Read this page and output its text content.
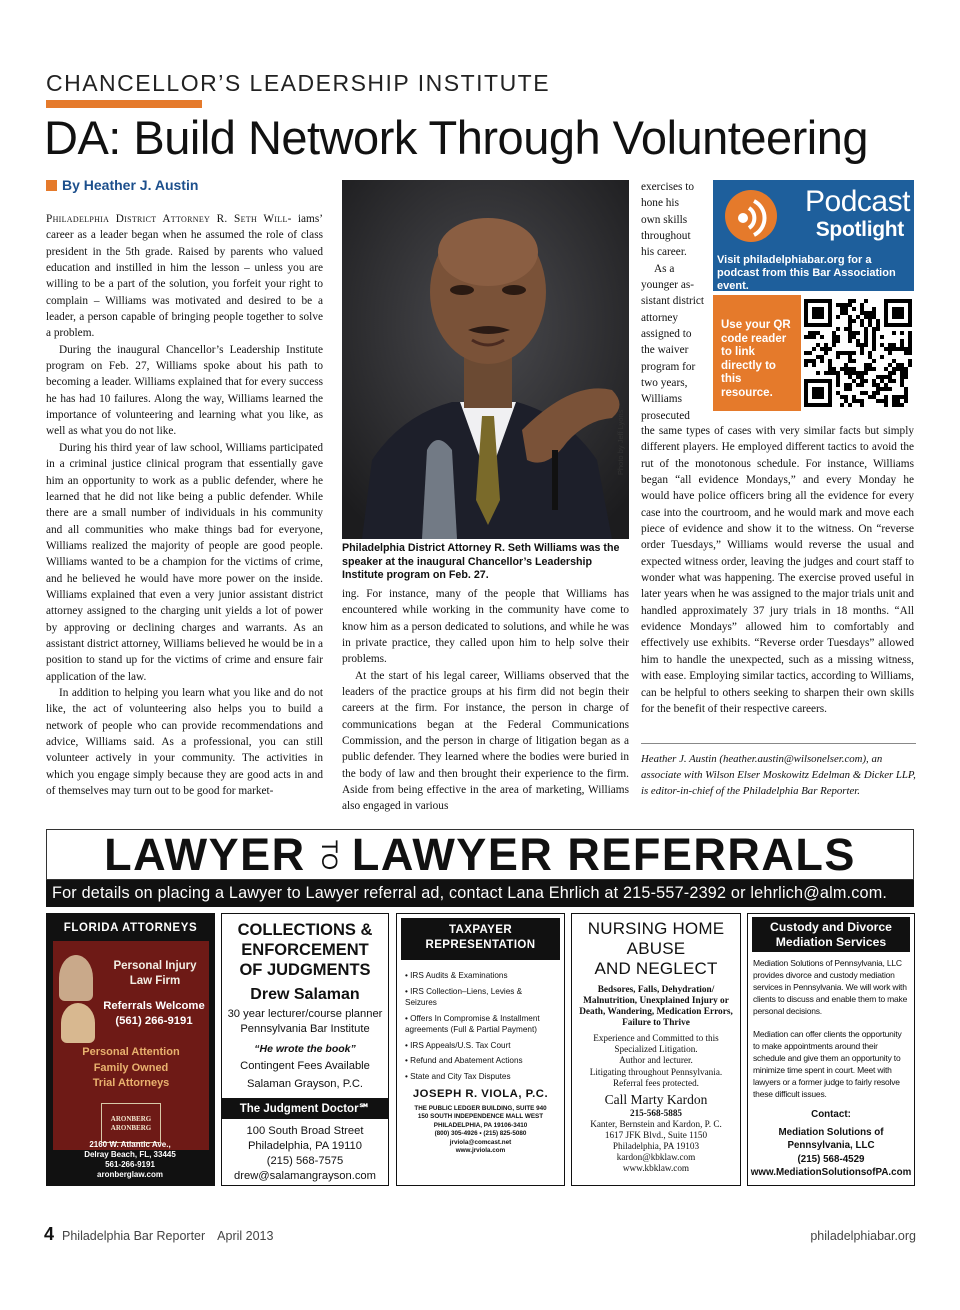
CHANCELLOR’S LEADERSHIP INSTITUTE
DA: Build Network Through Volunteering
By Heather J. Austin

Philadelphia District Attorney R. Seth Will- iams’ career as a leader began when he assumed the role of class president in the 5th grade. Raised by parents who valued education and instilled in him the lesson – unless you are willing to be a part of the solution, you forfeit your right to complain – Williams was motivated and desired to be a leader, a person capable of bringing people together to solve a problem.

During the inaugural Chancellor’s Leadership Institute program on Feb. 27, Williams spoke about his path to becoming a leader. Williams explained that for every success he has had 10 failures. Along the way, Williams learned the importance of volunteering and learning what you like, as well as what you do not like.

During his third year of law school, Williams participated in a criminal justice clinical program that essentially gave him an opportunity to work as a public defender, where he learned that he did not like being a public defender. While there are a small number of individuals in his community and all communities who make things bad for everyone, Williams realized the majority of people are good people. Williams wanted to be a champion for the victims of crime, and he believed he would have more power on the inside. Williams explained that even a very junior assistant district attorney assigned to the charging unit yields a lot of power by approving or declining charges and warrants. As an assistant district attorney, Williams believed he would be in a position to stand up for the victims of crime and ensure fair application of the law.

In addition to helping you learn what you like and do not like, the act of volunteering also helps you to build a network of people who can provide recommendations and advice, Williams said. As a professional, you can still volunteer actively in your community. The activities in which you engage simply because they are good acts in and of themselves may turn out to be good for market-

Photo by Jeff Lyons
Philadelphia District Attorney R. Seth Williams was the speaker at the inaugural Chancellor’s Leadership Institute program on Feb. 27.

ing. For instance, many of the people that Williams has encountered while working in the community have come to know him as a person dedicated to solutions, and while he was in private practice, they called upon him to help solve their problems.

At the start of his legal career, Williams observed that the leaders of the practice groups at his firm did not begin their careers at the firm. For instance, the person in charge of communications began at the Federal Communications Commission, and the person in charge of litigation began as a public defender. They learned where the bodies were buried in the body of law and then brought their experience to the firm. Aside from being effective in the area of marketing, Williams also engaged in various

exercises to
hone his
own skills
throughout
his career.
As a
younger as-
sistant district
attorney
assigned to
the waiver
program for
two years,
Williams
prosecuted

the same types of cases with very similar facts but simply different players. He employed different tactics to avoid the rut of the monotonous schedule. For instance, Williams began “all evidence Mondays,” and every Monday he would have police officers bring all the evidence for every case into the courtroom, and he would mark and move each piece of evidence and show it to the witness. On “reverse order Tuesdays,” Williams would reverse the usual and expected witness order, leaving the judges and court staff to wonder what was happening. The exercise proved useful in later years when he was assigned to the major trials unit and handled approximately 37 jury trials in 18 months. “All evidence Mondays” allowed him to comfortably and effectively use exhibits. “Reverse order Tuesdays” allowed him to handle the unexpected, such as a missing witness, with ease. Employing similar tactics, according to Williams, can be helpful to others seeking to sharpen their own skills for the benefit of their respective careers.

Heather J. Austin (heather.austin@wilsonelser.com), an associate with Wilson Elser Moskowitz Edelman & Dicker LLP, is editor-in-chief of the Philadelphia Bar Reporter.
Podcast
Spotlight
Visit philadelphiabar.org for a podcast from this Bar Association event.
Use your QR code reader to link directly to this resource.
LAWYER TO LAWYER REFERRALS
For details on placing a Lawyer to Lawyer referral ad, contact Lana Ehrlich at 215-557-2392 or lehrlich@alm.com.
FLORIDA ATTORNEYS
Personal Injury
Law Firm
Referrals Welcome
(561) 266-9191
Personal Attention
Family Owned
Trial Attorneys
ARONBERG
ARONBERG
2160 W. Atlantic Ave.,
Delray Beach, FL, 33445
561-266-9191
aronberglaw.com
COLLECTIONS &
ENFORCEMENT
OF JUDGMENTS
Drew Salaman
30 year lecturer/course planner
Pennsylvania Bar Institute
“He wrote the book”
Contingent Fees Available
Salaman Grayson, P.C.
The Judgment Doctor℠
100 South Broad Street
Philadelphia, PA 19110
(215) 568-7575
drew@salamangrayson.com
TAXPAYER
REPRESENTATION
• IRS Audits & Examinations
• IRS Collection–Liens, Levies & Seizures
• Offers In Compromise & Installment agreements (Full & Partial Payment)
• IRS Appeals/U.S. Tax Court
• Refund and Abatement Actions
• State and City Tax Disputes
JOSEPH R. VIOLA, P.C.
THE PUBLIC LEDGER BUILDING, SUITE 940
150 SOUTH INDEPENDENCE MALL WEST
PHILADELPHIA, PA 19106-3410
(800) 305-4926 • (215) 825-5080
jrviola@comcast.net
www.jrviola.com
NURSING HOME
ABUSE
AND NEGLECT
Bedsores, Falls, Dehydration/ Malnutrition, Unexplained Injury or Death, Wandering, Medication Errors, Failure to Thrive
Experience and Committed to this Specialized Litigation.
Author and lecturer.
Litigating throughout Pennsylvania.
Referral fees protected.
Call Marty Kardon
215-568-5885
Kanter, Bernstein and Kardon, P. C.
1617 JFK Blvd., Suite 1150
Philadelphia, PA 19103
kardon@kbklaw.com
www.kbklaw.com
Custody and Divorce
Mediation Services
Mediation Solutions of Pennsylvania, LLC provides divorce and custody mediation services in Pennsylvania. We will work with clients to discuss and enable them to make personal decisions.
Mediation can offer clients the opportunity to make appointments around their schedule and give them an opportunity to minimize time spent in court. Meet with lawyers or a former judge to fairly resolve these difficult issues.
Contact:
Mediation Solutions of
Pennsylvania, LLC
(215) 568-4529
www.MediationSolutionsofPA.com
4 Philadelphia Bar Reporter April 2013	philadelphiabar.org
